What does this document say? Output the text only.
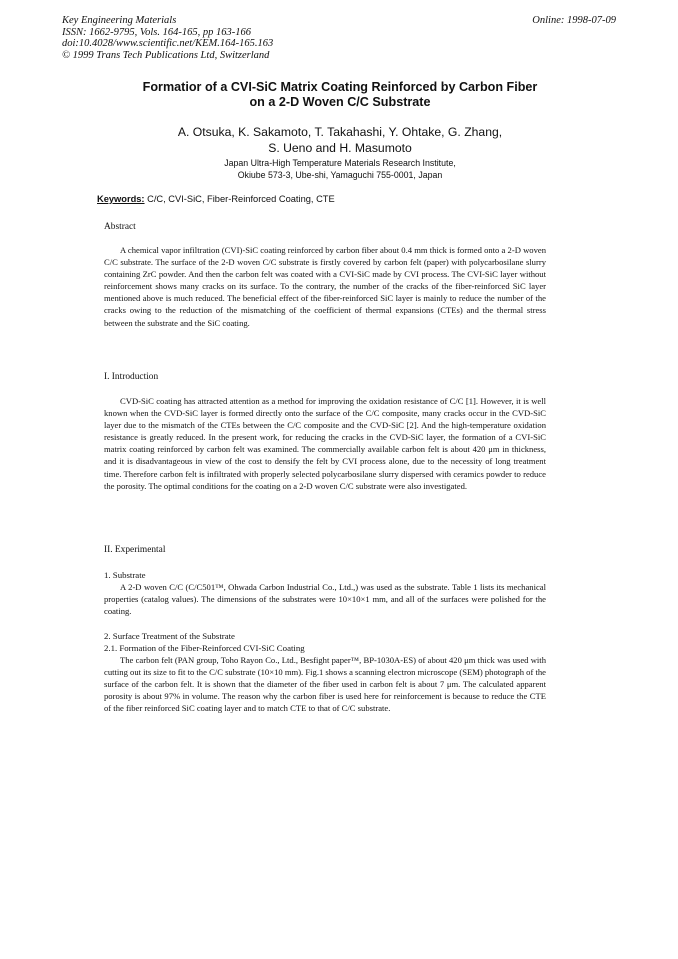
Key Engineering Materials
ISSN: 1662-9795, Vols. 164-165, pp 163-166
doi:10.4028/www.scientific.net/KEM.164-165.163
© 1999 Trans Tech Publications Ltd, Switzerland
Online: 1998-07-09
Formatior of a CVI-SiC Matrix Coating Reinforced by Carbon Fiber
on a 2-D Woven C/C Substrate
A. Otsuka, K. Sakamoto, T. Takahashi, Y. Ohtake, G. Zhang,
S. Ueno and H. Masumoto
Japan Ultra-High Temperature Materials Research Institute,
Okiube 573-3, Ube-shi, Yamaguchi 755-0001, Japan
Keywords: C/C, CVI-SiC, Fiber-Reinforced Coating, CTE
Abstract

A chemical vapor infiltration (CVI)-SiC coating reinforced by carbon fiber about 0.4 mm thick is formed onto a 2-D woven C/C substrate. The surface of the 2-D woven C/C substrate is firstly covered by carbon felt (paper) with polycarbosilane slurry containing ZrC powder. And then the carbon felt was coated with a CVI-SiC made by CVI process. The CVI-SiC layer without reinforcement shows many cracks on its surface. To the contrary, the number of the cracks of the fiber-reinforced SiC layer mentioned above is much reduced. The beneficial effect of the fiber-reinforced SiC layer is mainly to reduce the number of the cracks owing to the reduction of the mismatching of the coefficient of thermal expansions (CTEs) and the thermal stress between the substrate and the SiC coating.

I. Introduction

CVD-SiC coating has attracted attention as a method for improving the oxidation resistance of C/C [1]. However, it is well known when the CVD-SiC layer is formed directly onto the surface of the C/C composite, many cracks occur in the CVD-SiC layer due to the mismatch of the CTEs between the C/C composite and the CVD-SiC [2]. And the high-temperature oxidation resistance is greatly reduced. In the present work, for reducing the cracks in the CVD-SiC layer, the formation of a CVI-SiC matrix coating reinforced by carbon felt was examined. The commercially available carbon felt is about 420 μm in thickness, and it is disadvantageous in view of the cost to densify the felt by CVI process alone, due to the necessity of long treatment time. Therefore carbon felt is infiltrated with properly selected polycarbosilane slurry dispersed with ceramics powder to reduce the porosity. The optimal conditions for the coating on a 2-D woven C/C substrate were also investigated.

II. Experimental
1. Substrate

A 2-D woven C/C (C/C501™, Ohwada Carbon Industrial Co., Ltd.,) was used as the substrate. Table 1 lists its mechanical properties (catalog values). The dimensions of the substrates were 10×10×1 mm, and all of the surfaces were polished for the coating.

2. Surface Treatment of the Substrate
2.1. Formation of the Fiber-Reinforced CVI-SiC Coating

The carbon felt (PAN group, Toho Rayon Co., Ltd., Besfight paper™, BP-1030A-ES) of about 420 μm thick was used with cutting out its size to fit to the C/C substrate (10×10 mm). Fig.1 shows a scanning electron microscope (SEM) photograph of the surface of the carbon felt. It is shown that the diameter of the fiber used in carbon felt is about 7 μm. The calculated apparent porosity is about 97% in volume. The reason why the carbon fiber is used here for reinforcement is because to reduce the CTE of the fiber reinforced SiC coating layer and to match CTE to that of C/C substrate.
